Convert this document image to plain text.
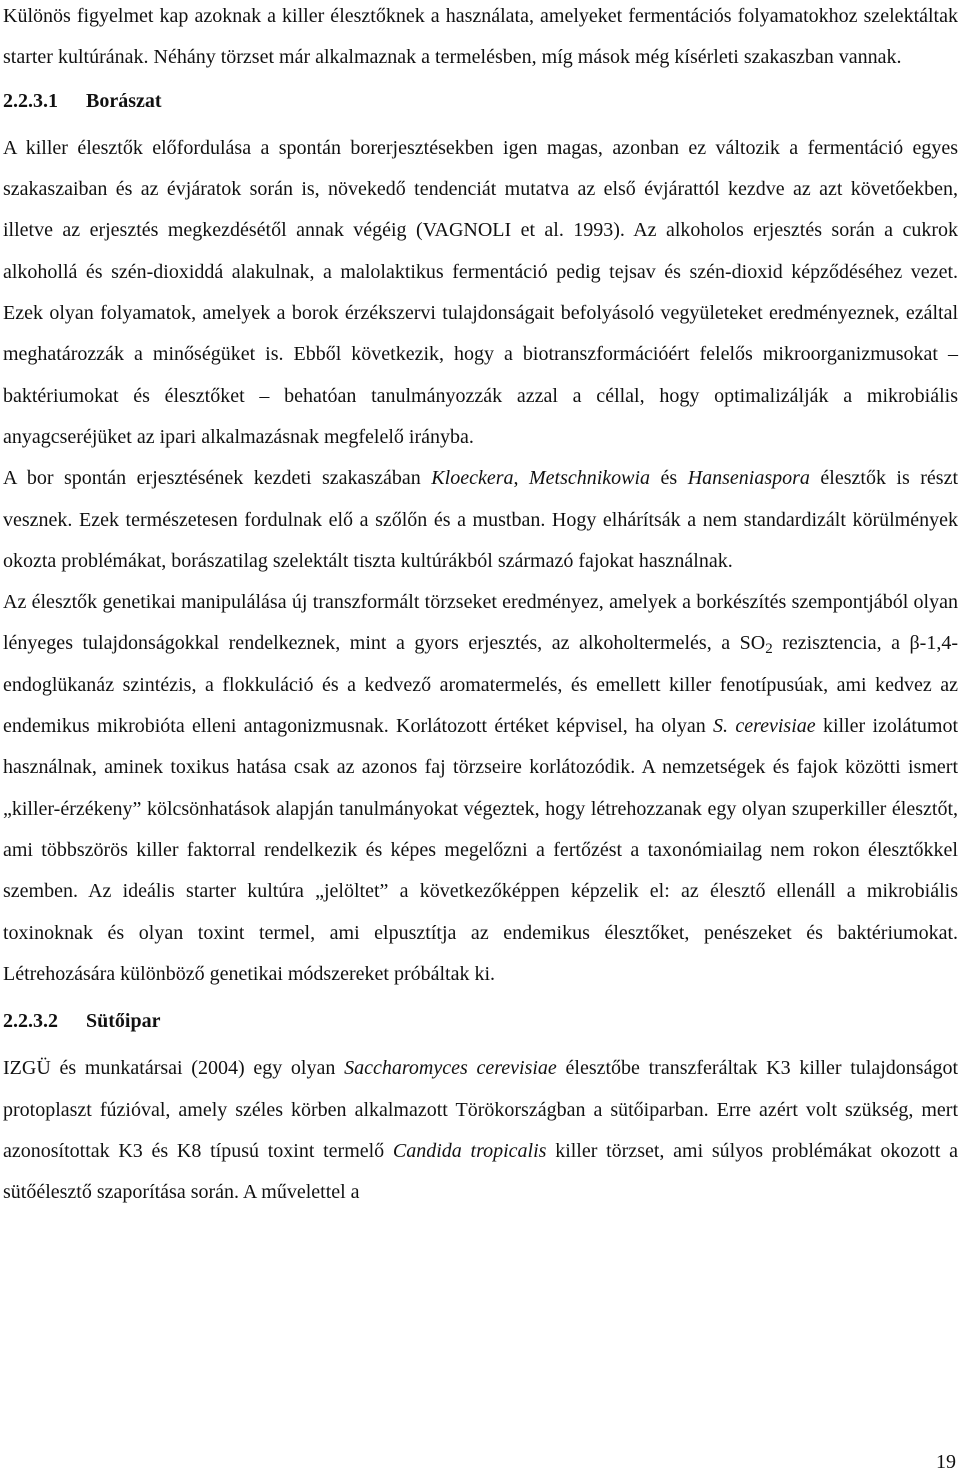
Különös figyelmet kap azoknak a killer élesztőknek a használata, amelyeket fermentációs folyamatokhoz szelektáltak starter kultúrának. Néhány törzset már alkalmaznak a termelésben, míg mások még kísérleti szakaszban vannak.

2.2.3.1 Borászat

A killer élesztők előfordulása a spontán borerjesztésekben igen magas, azonban ez változik a fermentáció egyes szakaszaiban és az évjáratok során is, növekedő tendenciát mutatva az első évjárattól kezdve az azt követőekben, illetve az erjesztés megkezdésétől annak végéig (VAGNOLI et al. 1993). Az alkoholos erjesztés során a cukrok alkohollá és szén-dioxiddá alakulnak, a malolaktikus fermentáció pedig tejsav és szén-dioxid képződéséhez vezet. Ezek olyan folyamatok, amelyek a borok érzékszervi tulajdonságait befolyásoló vegyületeket eredményeznek, ezáltal meghatározzák a minőségüket is. Ebből következik, hogy a biotranszformációért felelős mikroorganizmusokat – baktériumokat és élesztőket – behatóan tanulmányozzák azzal a céllal, hogy optimalizálják a mikrobiális anyagcseréjüket az ipari alkalmazásnak megfelelő irányba.

A bor spontán erjesztésének kezdeti szakaszában Kloeckera, Metschnikowia és Hanseniaspora élesztők is részt vesznek. Ezek természetesen fordulnak elő a szőlőn és a mustban. Hogy elhárítsák a nem standardizált körülmények okozta problémákat, borászatilag szelektált tiszta kultúrákból származó fajokat használnak.

Az élesztők genetikai manipulálása új transzformált törzseket eredményez, amelyek a borkészítés szempontjából olyan lényeges tulajdonságokkal rendelkeznek, mint a gyors erjesztés, az alkoholtermelés, a $SO_2$ rezisztencia, a β-1,4-endoglükanáz szintézis, a flokkuláció és a kedvező aromatermelés, és emellett killer fenotípusúak, ami kedvez az endemikus mikrobióta elleni antagonizmusnak. Korlátozott értéket képvisel, ha olyan S. cerevisiae killer izolátumot használnak, aminek toxikus hatása csak az azonos faj törzseire korlátozódik. A nemzetségek és fajok közötti ismert „killer-érzékeny” kölcsönhatások alapján tanulmányokat végeztek, hogy létrehozzanak egy olyan szuperkiller élesztőt, ami többszörös killer faktorral rendelkezik és képes megelőzni a fertőzést a taxonómiailag nem rokon élesztőkkel szemben. Az ideális starter kultúra „jelöltet” a következőképpen képzelik el: az élesztő ellenáll a mikrobiális toxinoknak és olyan toxint termel, ami elpusztítja az endemikus élesztőket, penészeket és baktériumokat. Létrehozására különböző genetikai módszereket próbáltak ki.

2.2.3.2 Sütőipar

IZGÜ és munkatársai (2004) egy olyan Saccharomyces cerevisiae élesztőbe transzferáltak K3 killer tulajdonságot protoplaszt fúzióval, amely széles körben alkalmazott Törökországban a sütőiparban. Erre azért volt szükség, mert azonosítottak K3 és K8 típusú toxint termelő Candida tropicalis killer törzset, ami súlyos problémákat okozott a sütőélesztő szaporítása során. A művelettel a

19
